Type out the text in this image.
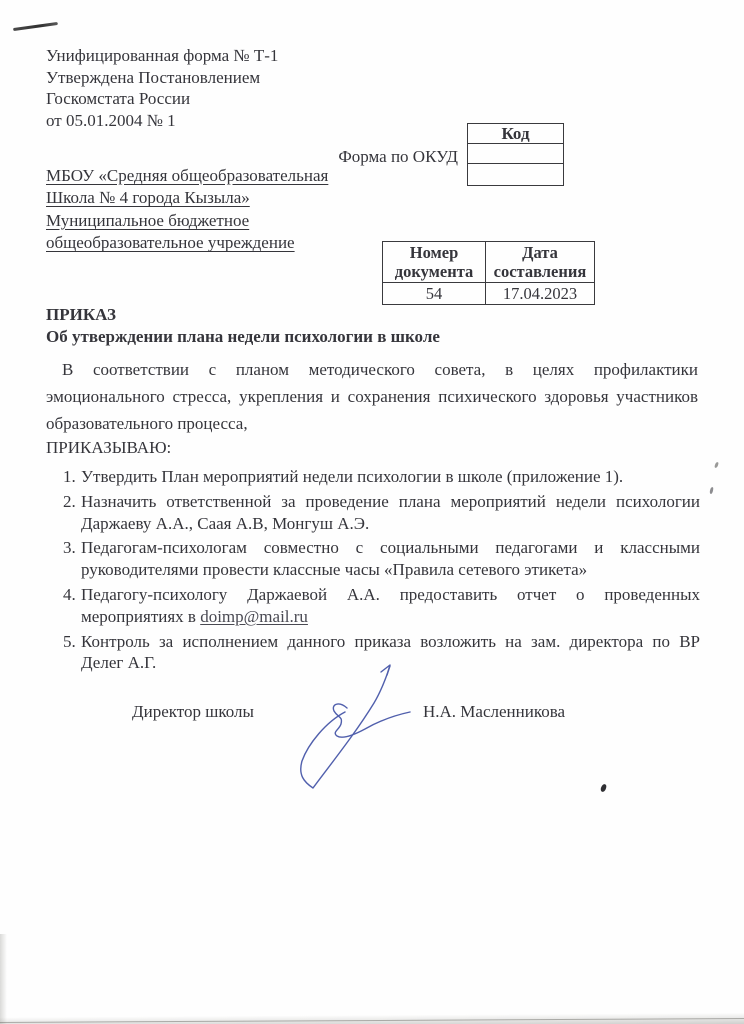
Унифицированная форма № Т-1
Утверждена Постановлением
Госкомстата России
от 05.01.2004 № 1
Форма по ОКУД
Код
МБОУ «Средняя общеобразовательная
Школа № 4 города Кызыла»
Муниципальное бюджетное
общеобразовательное учреждение	Номер документа	Дата составления
54	17.04.2023
ПРИКАЗ
Об утверждении плана недели психологии в школе
В соответствии с планом методического совета, в целях профилактики
эмоционального стресса, укрепления и сохранения психического здоровья участников
образовательного процесса,
ПРИКАЗЫВАЮ:
1. Утвердить План мероприятий недели психологии в школе (приложение 1).
2. Назначить ответственной за проведение плана мероприятий недели психологии
Даржаеву А.А., Саая А.В, Монгуш А.Э.
3. Педагогам-психологам совместно с социальными педагогами и классными
руководителями провести классные часы «Правила сетевого этикета»
4. Педагогу-психологу Даржаевой А.А. предоставить отчет о проведенных
мероприятиях в doimp@mail.ru
5. Контроль за исполнением данного приказа возложить на зам. директора по ВР
Делег А.Г.
Директор школы	Н.А. Масленникова
